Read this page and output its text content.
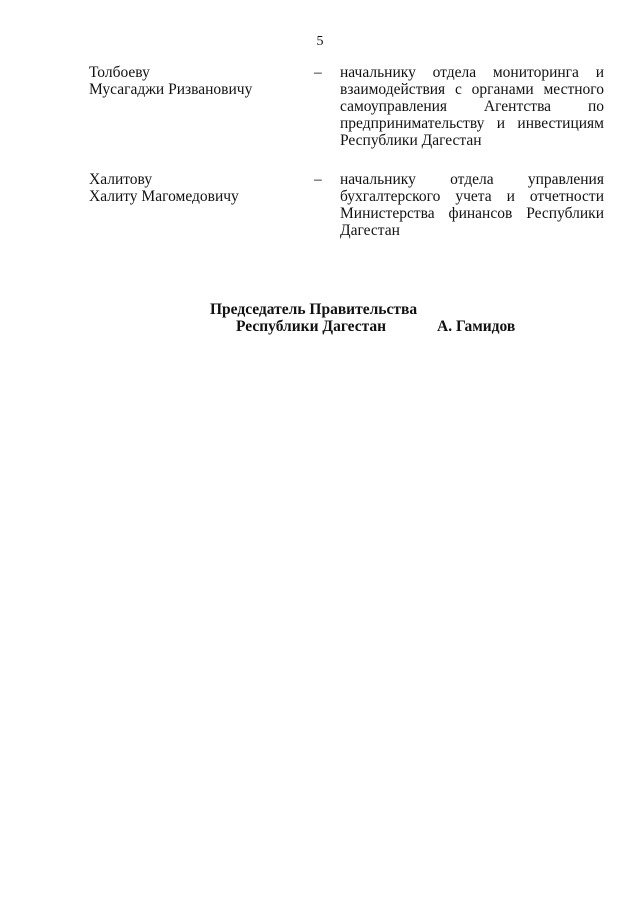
5
Толбоеву
Мусагаджи Ризвановичу
– начальнику отдела мониторинга и
взаимодействия с органами местного
самоуправления Агентства по
предпринимательству и инвестициям
Республики Дагестан
Халитову
Халиту Магомедовичу
– начальнику отдела управления
бухгалтерского учета и отчетности
Министерства финансов Республики
Дагестан
Председатель Правительства
Республики Дагестан	А. Гамидов
